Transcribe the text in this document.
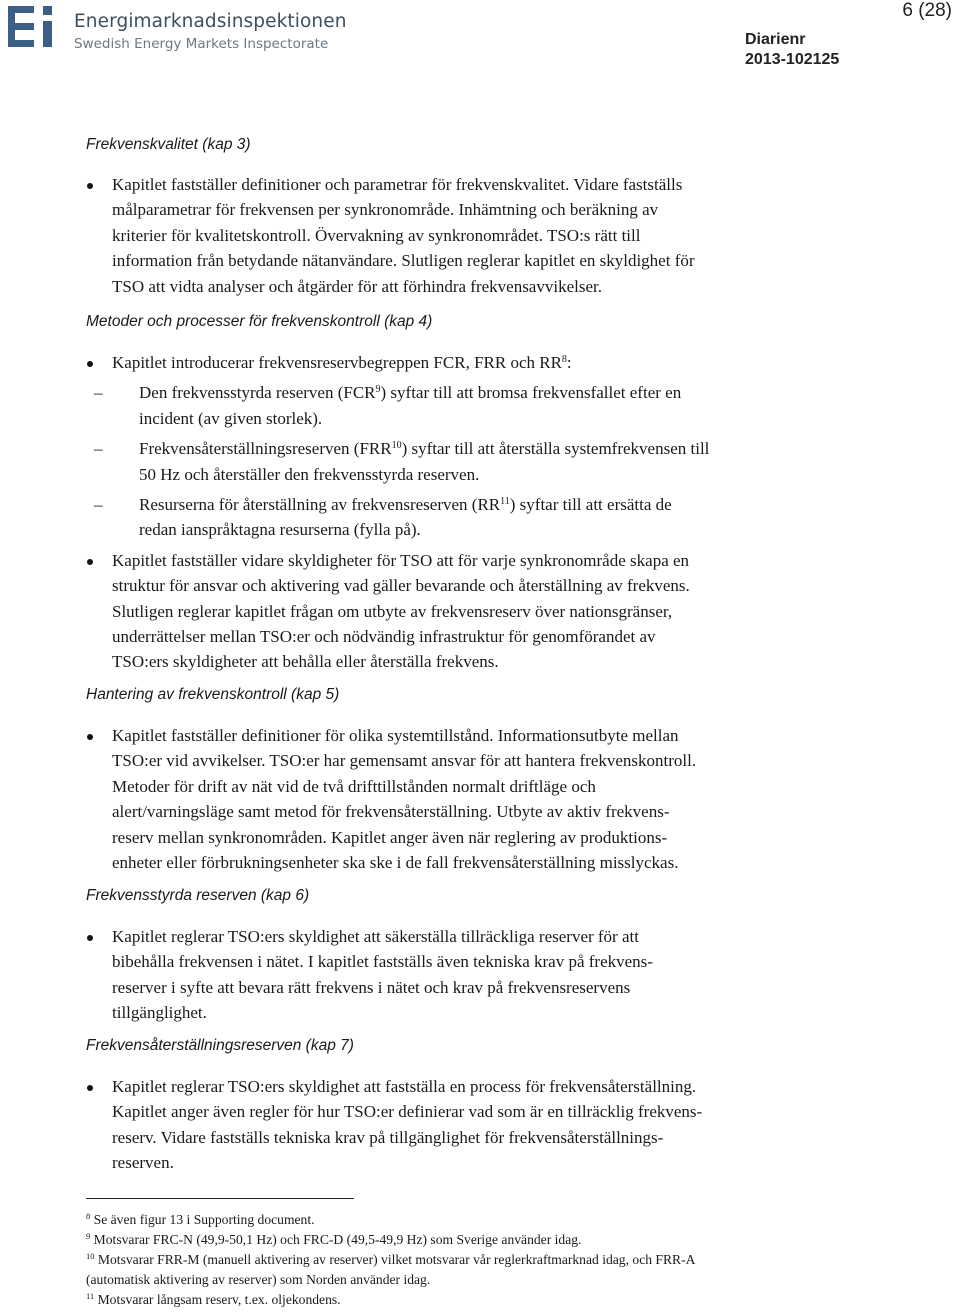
Energimarknadsinspektionen
Swedish Energy Markets Inspectorate
6 (28)
Diarienr
2013-102125

Frekvenskvalitet (kap 3)

Kapitlet fastställer definitioner och parametrar för frekvenskvalitet. Vidare fastställs
målparametrar för frekvensen per synkronområde. Inhämtning och beräkning av
kriterier för kvalitetskontroll. Övervakning av synkronområdet. TSO:s rätt till
information från betydande nätanvändare. Slutligen reglerar kapitlet en skyldighet för
TSO att vidta analyser och åtgärder för att förhindra frekvensavvikelser.

Metoder och processer för frekvenskontroll (kap 4)

Kapitlet introducerar frekvensreservbegreppen FCR, FRR och $RR^8$:
– Den frekvensstyrda reserven (FCR$^9$) syftar till att bromsa frekvensfallet efter en
incident (av given storlek).
– Frekvensåterställningsreserven (FRR$^{10}$) syftar till att återställa systemfrekvensen till
50 Hz och återställer den frekvensstyrda reserven.
– Resurserna för återställning av frekvensreserven (RR$^{11}$) syftar till att ersätta de
redan ianspråktagna resurserna (fylla på).
Kapitlet fastställer vidare skyldigheter för TSO att för varje synkronområde skapa en
struktur för ansvar och aktivering vad gäller bevarande och återställning av frekvens.
Slutligen reglerar kapitlet frågan om utbyte av frekvensreserv över nationsgränser,
underrättelser mellan TSO:er och nödvändig infrastruktur för genomförandet av
TSO:ers skyldigheter att behålla eller återställa frekvens.

Hantering av frekvenskontroll (kap 5)

Kapitlet fastställer definitioner för olika systemtillstånd. Informationsutbyte mellan
TSO:er vid avvikelser. TSO:er har gemensamt ansvar för att hantera frekvenskontroll.
Metoder för drift av nät vid de två drifttillstånden normalt driftläge och
alert/varningsläge samt metod för frekvensåterställning. Utbyte av aktiv frekvens-
reserv mellan synkronområden. Kapitlet anger även när reglering av produktions-
enheter eller förbrukningsenheter ska ske i de fall frekvensåterställning misslyckas.

Frekvensstyrda reserven (kap 6)

Kapitlet reglerar TSO:ers skyldighet att säkerställa tillräckliga reserver för att
bibehålla frekvensen i nätet. I kapitlet fastställs även tekniska krav på frekvens-
reserver i syfte att bevara rätt frekvens i nätet och krav på frekvensreservens
tillgänglighet.

Frekvensåterställningsreserven (kap 7)

Kapitlet reglerar TSO:ers skyldighet att fastställa en process för frekvensåterställning.
Kapitlet anger även regler för hur TSO:er definierar vad som är en tillräcklig frekvens-
reserv. Vidare fastställs tekniska krav på tillgänglighet för frekvensåterställnings-
reserven.
$^8$ Se även figur 13 i Supporting document.
$^9$ Motsvarar FRC-N (49,9-50,1 Hz) och FRC-D (49,5-49,9 Hz) som Sverige använder idag.
$^{10}$ Motsvarar FRR-M (manuell aktivering av reserver) vilket motsvarar vår reglerkraftmarknad idag, och FRR-A
(automatisk aktivering av reserver) som Norden använder idag.
$^{11}$ Motsvarar långsam reserv, t.ex. oljekondens.
